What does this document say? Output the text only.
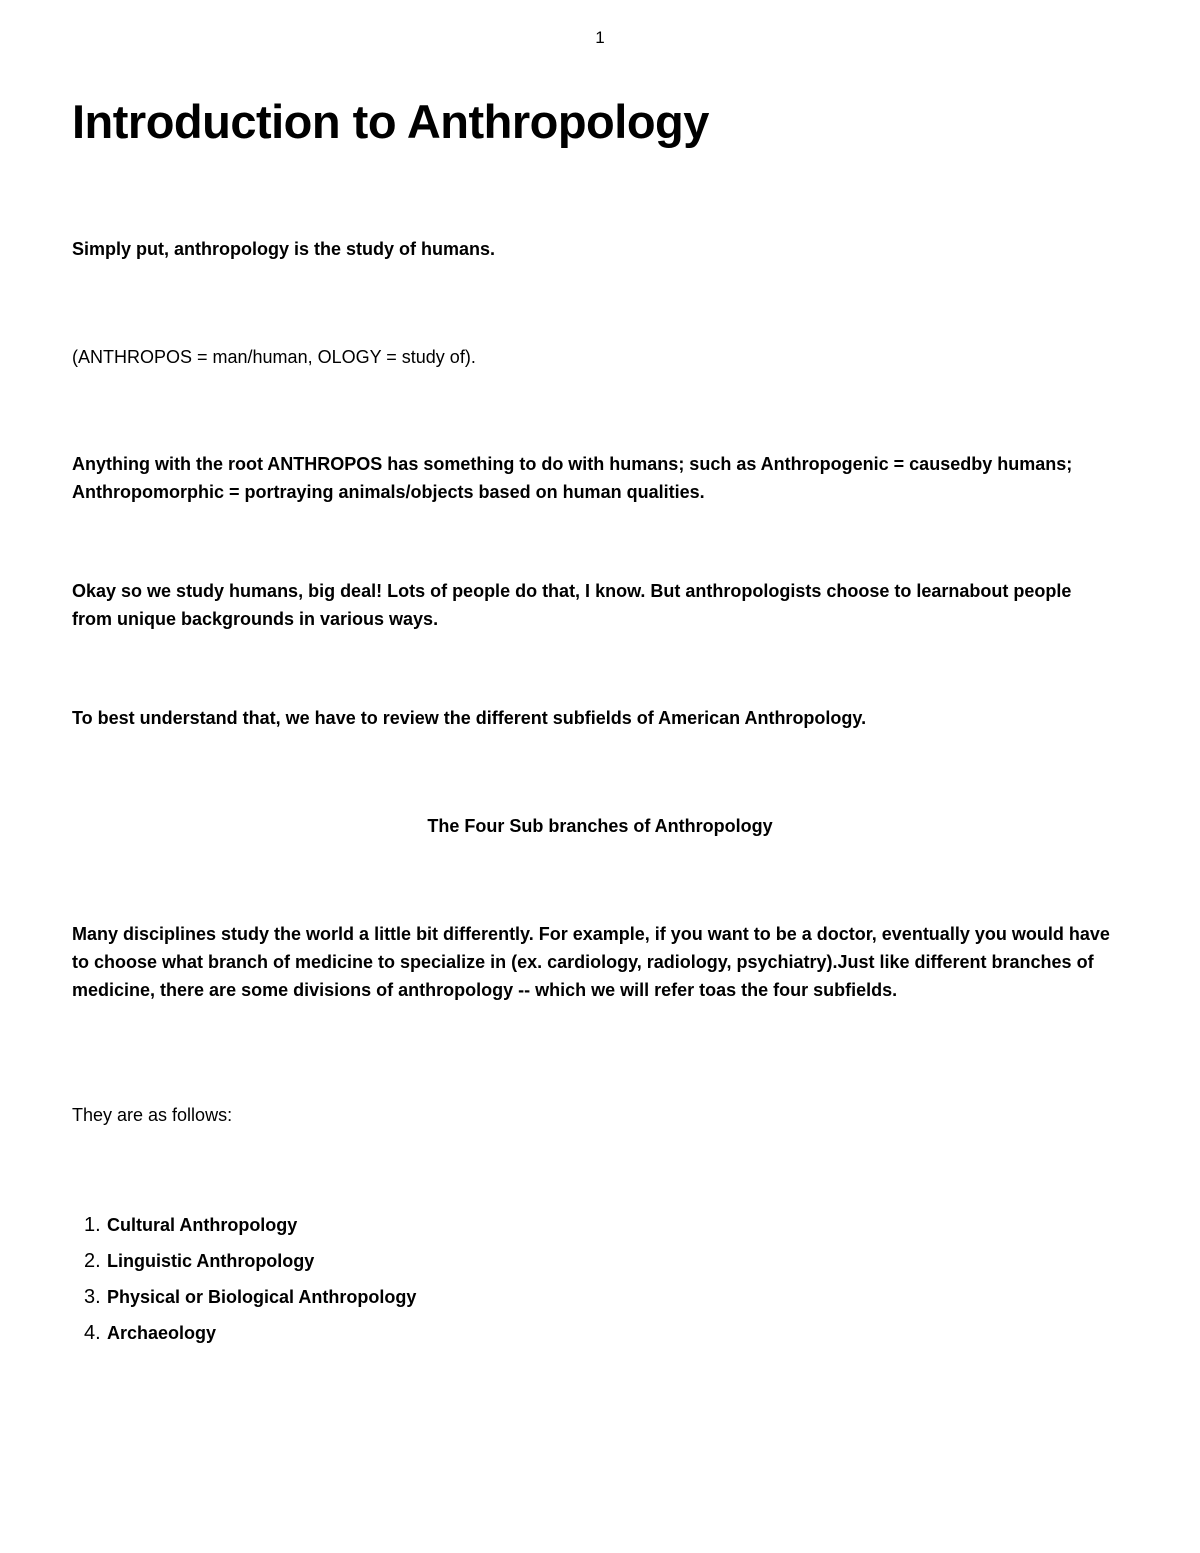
1
Introduction to Anthropology

Simply put, anthropology is the study of humans.

(ANTHROPOS = man/human, OLOGY = study of).

Anything with the root ANTHROPOS has something to do with humans; such as Anthropogenic = causedby humans; Anthropomorphic = portraying animals/objects based on human qualities.

Okay so we study humans, big deal! Lots of people do that, I know. But anthropologists choose to learnabout people from unique backgrounds in various ways.

To best understand that, we have to review the different subfields of American Anthropology.

The Four Sub branches of Anthropology

Many disciplines study the world a little bit differently. For example, if you want to be a doctor, eventually you would have to choose what branch of medicine to specialize in (ex. cardiology, radiology, psychiatry).Just like different branches of medicine, there are some divisions of anthropology -- which we will refer toas the four subfields.

They are as follows:

1. Cultural Anthropology
2. Linguistic Anthropology
3. Physical or Biological Anthropology
4. Archaeology
